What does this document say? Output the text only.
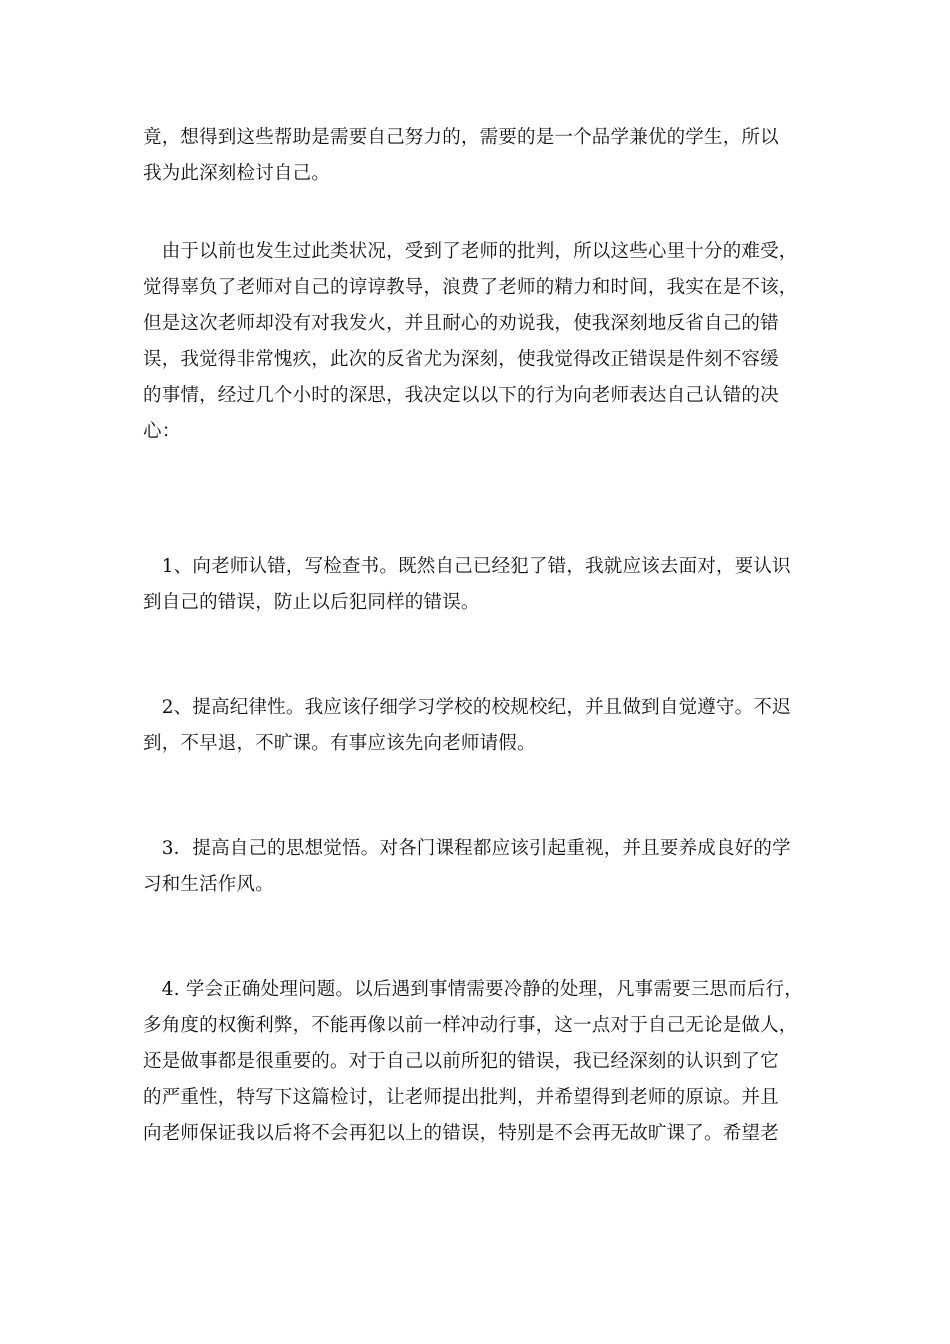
竟，想得到这些帮助是需要自己努力的，需要的是一个品学兼优的学生，所以
我为此深刻检讨自己。
　由于以前也发生过此类状况，受到了老师的批判，所以这些心里十分的难受，
觉得辜负了老师对自己的谆谆教导，浪费了老师的精力和时间，我实在是不该，
但是这次老师却没有对我发火，并且耐心的劝说我，使我深刻地反省自己的错
误，我觉得非常愧疚，此次的反省尤为深刻，使我觉得改正错误是件刻不容缓
的事情，经过几个小时的深思，我决定以以下的行为向老师表达自己认错的决
心：
　1、向老师认错，写检查书。既然自己已经犯了错，我就应该去面对，要认识
到自己的错误，防止以后犯同样的错误。
　2、提高纪律性。我应该仔细学习学校的校规校纪，并且做到自觉遵守。不迟
到，不早退，不旷课。有事应该先向老师请假。
　3．提高自己的思想觉悟。对各门课程都应该引起重视，并且要养成良好的学
习和生活作风。
　4. 学会正确处理问题。以后遇到事情需要冷静的处理，凡事需要三思而后行，
多角度的权衡利弊，不能再像以前一样冲动行事，这一点对于自己无论是做人，
还是做事都是很重要的。对于自己以前所犯的错误，我已经深刻的认识到了它
的严重性，特写下这篇检讨，让老师提出批判，并希望得到老师的原谅。并且
向老师保证我以后将不会再犯以上的错误，特别是不会再无故旷课了。希望老
